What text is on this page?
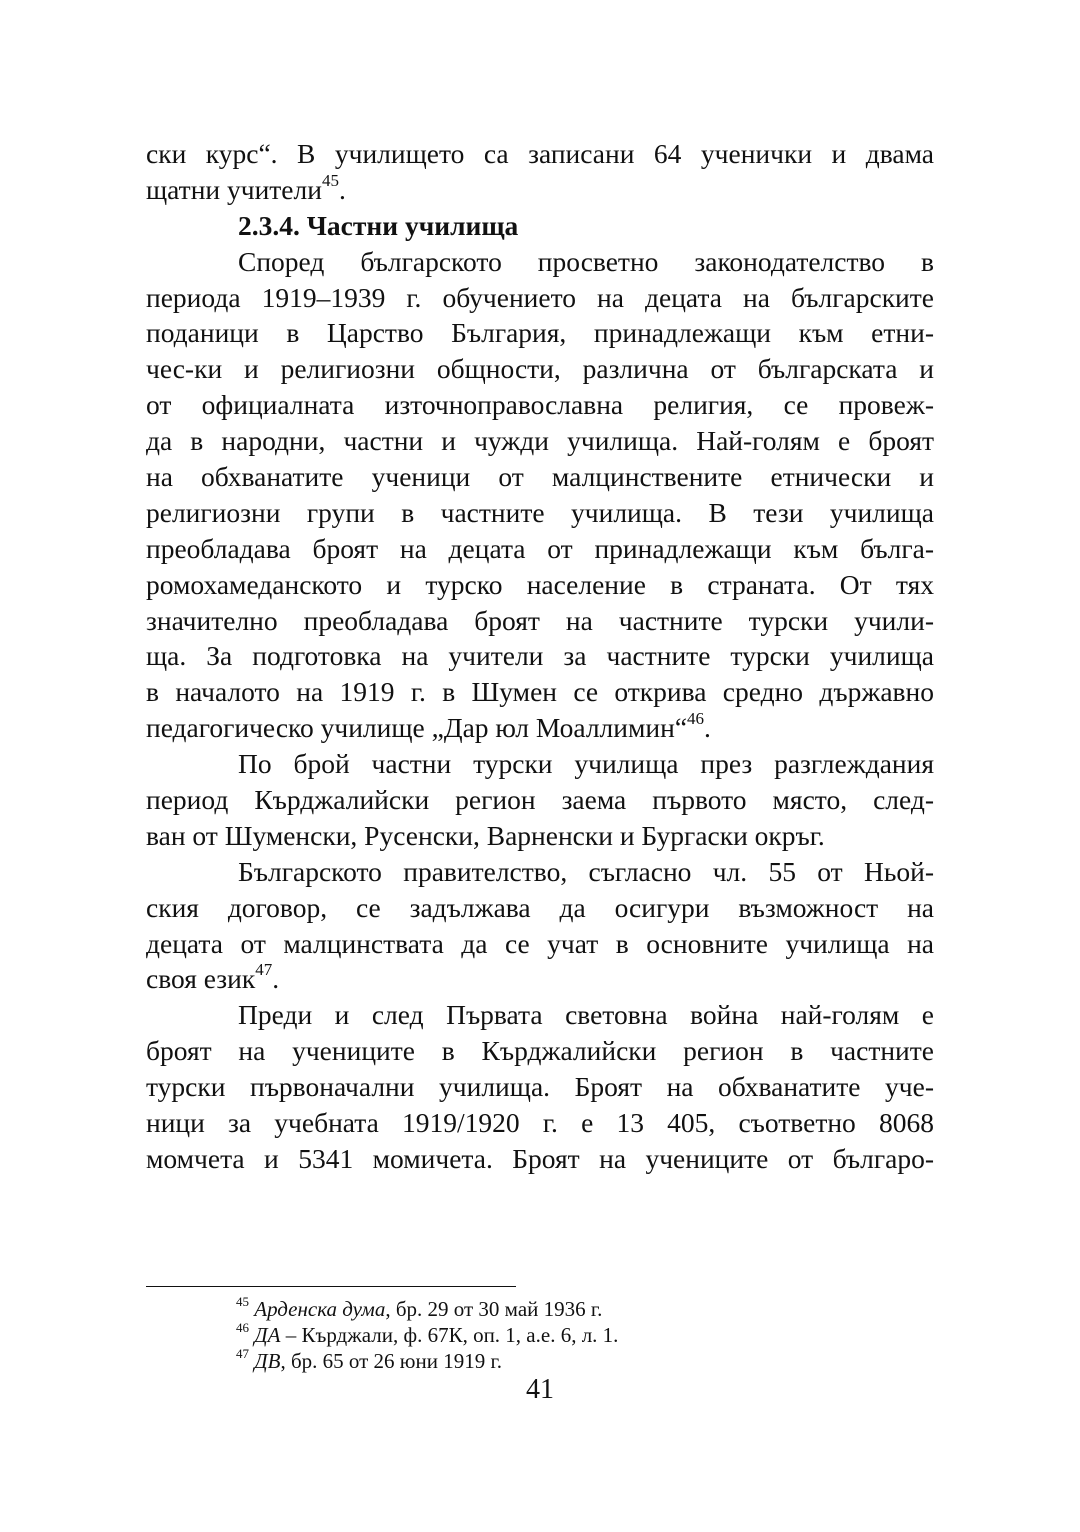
ски курс“. В училището са записани 64 ученички и двама
щатни учители$^{45}$.
2.3.4. Частни училища
Според българското просветно законодателство в
периода 1919–1939 г. обучението на децата на българските
поданици в Царство България, принадлежащи към етни-
чес-ки и религиозни общности, различна от българската и
от официалната източноправославна религия, се провеж-
да в народни, частни и чужди училища. Най-голям е броят
на обхванатите ученици от малцинствените етнически и
религиозни групи в частните училища. В тези училища
преобладава броят на децата от принадлежащи към бълга-
ромохамеданското и турско население в страната. От тях
значително преобладава броят на частните турски учили-
ща. За подготовка на учители за частните турски училища
в началото на 1919 г. в Шумен се открива средно държавно
педагогическо училище „Дар юл Моаллимин“$^{46}$.
По брой частни турски училища през разглеждания
период Кърджалийски регион заема първото място, след-
ван от Шуменски, Русенски, Варненски и Бургаски окръг.
Българското правителство, съгласно чл. 55 от Ньой-
ския договор, се задължава да осигури възможност на
децата от малцинствата да се учат в основните училища на
своя език$^{47}$.
Преди и след Първата световна война най-голям е
броят на учениците в Кърджалийски регион в частните
турски първоначални училища. Броят на обхванатите уче-
ници за учебната 1919/1920 г. е 13 405, съответно 8068
момчета и 5341 момичета. Броят на учениците от българо-
$^{45}$ Арденска дума, бр. 29 от 30 май 1936 г.
$^{46}$ ДА – Кърджали, ф. 67К, оп. 1, а.е. 6, л. 1.
$^{47}$ ДВ, бр. 65 от 26 юни 1919 г.
41
